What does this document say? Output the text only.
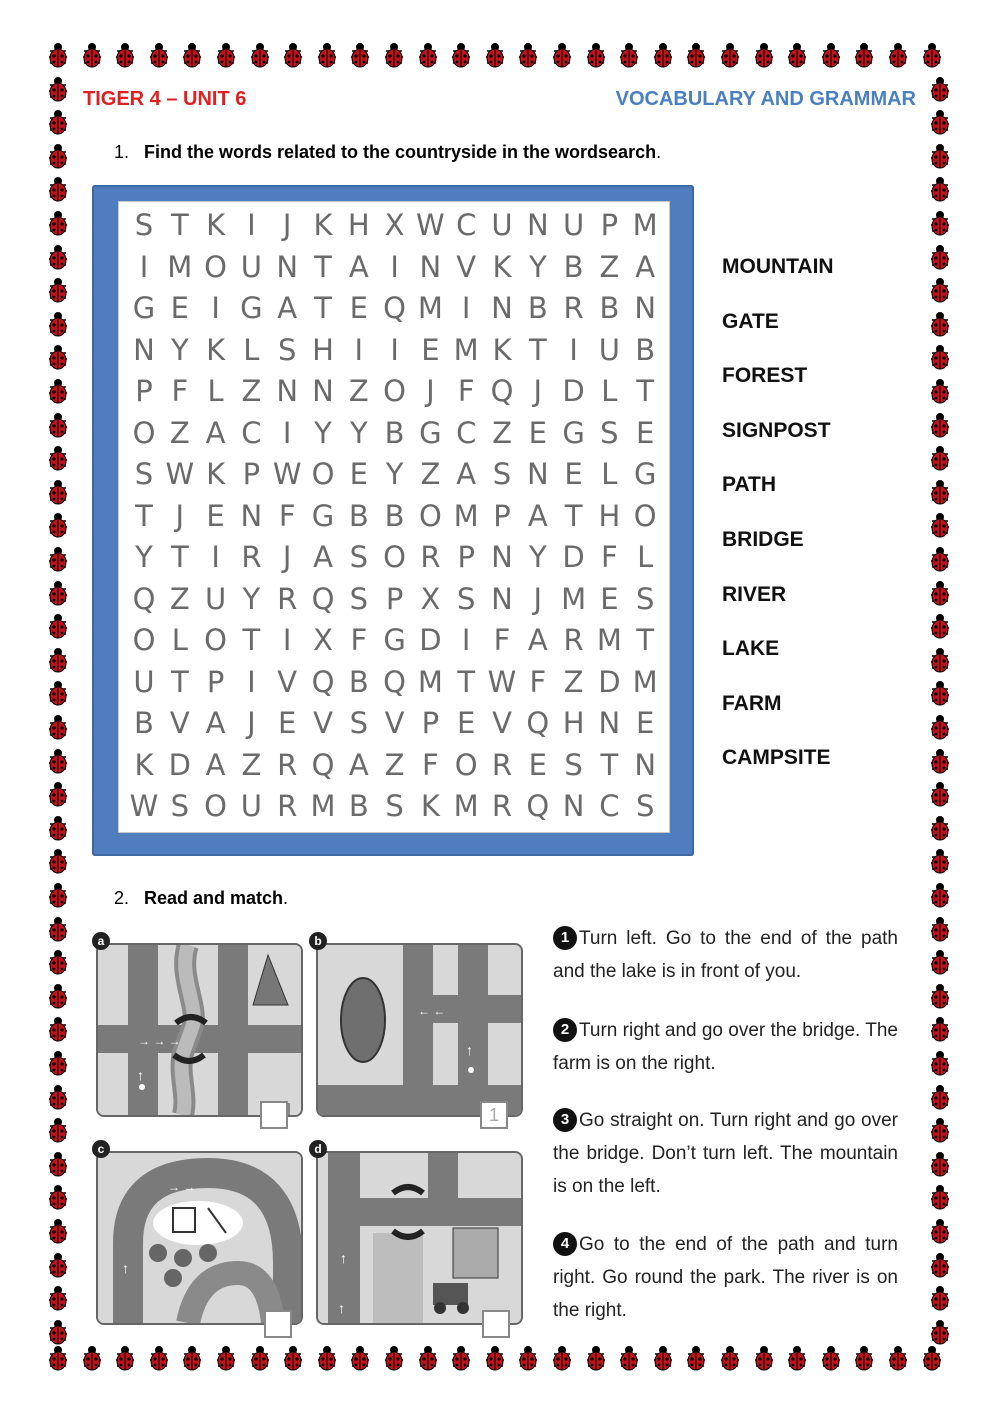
TIGER 4 – UNIT 6	VOCABULARY AND GRAMMAR
1. Find the words related to the countryside in the wordsearch.
S T K I J K H X W C U N U P M
I M O U N T A I N V K Y B Z A
G E I G A T E Q M I N B R B N
N Y K L S H I I E M K T I U B
P F L Z N N Z O J F Q J D L T
O Z A C I Y Y B G C Z E G S E
S W K P W O E Y Z A S N E L G
T J E N F G B B O M P A T H O
Y T I R J A S O R P N Y D F L
Q Z U Y R Q S P X S N J M E S
O L O T I X F G D I F A R M T
U T P I V Q B Q M T W F Z D M
B V A J E V S V P E V Q H N E
K D A Z R Q A Z F O R E S T N
W S O U R M B S K M R Q N C S
MOUNTAIN
GATE
FOREST
SIGNPOST
PATH
BRIDGE
RIVER
LAKE
FARM
CAMPSITE
2. Read and match.
→ → →
↑
a
← ←
↑
b
1
↑
→ →
c
↑
↑
d
1 Turn left. Go to the end of the path and the lake is in front of you.
2 Turn right and go over the bridge. The farm is on the right.
3 Go straight on. Turn right and go over the bridge. Don’t turn left. The mountain is on the left.
4 Go to the end of the path and turn right. Go round the park. The river is on the right.
